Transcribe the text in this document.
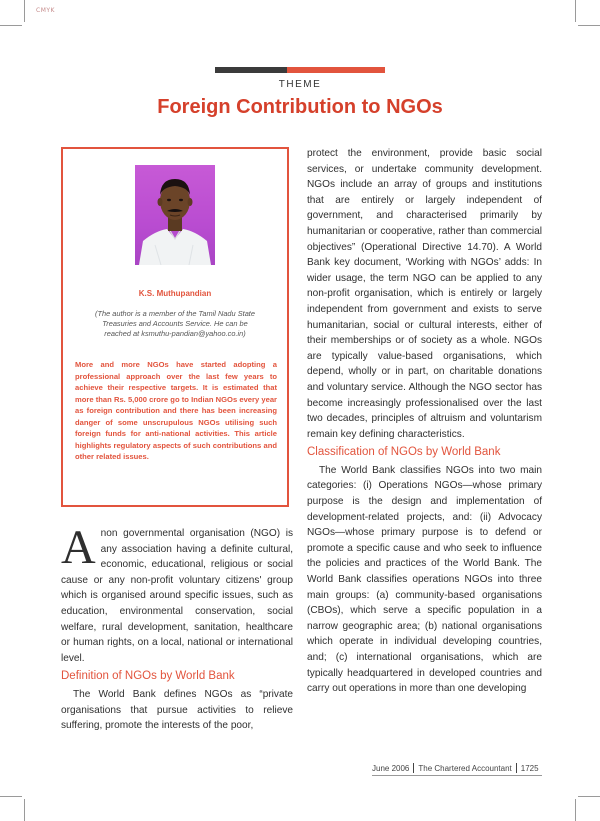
CMYK
THEME
Foreign Contribution to NGOs
K.S. Muthupandian
(The author is a member of the Tamil Nadu State Treasuries and Accounts Service. He can be reached at ksmuthu-pandian@yahoo.co.in)
More and more NGOs have started adopting a professional approach over the last few years to achieve their respective targets. It is estimated that more than Rs. 5,000 crore go to Indian NGOs every year as foreign contribution and there has been increasing danger of some unscrupulous NGOs utilising such foreign funds for anti-national activities. This article highlights regulatory aspects of such contributions and other related issues.
A non governmental organisation (NGO) is any association having a definite cultural, economic, educational, religious or social cause or any non-profit voluntary citizens' group which is organised around specific issues, such as education, environmental conservation, social welfare, rural development, sanitation, healthcare or human rights, on a local, national or international level.

Definition of NGOs by World Bank

The World Bank defines NGOs as “private organisations that pursue activities to relieve suffering, promote the interests of the poor,

protect the environment, provide basic social services, or undertake community development. NGOs include an array of groups and institutions that are entirely or largely independent of government, and characterised primarily by humanitarian or cooperative, rather than commercial objectives” (Operational Directive 14.70). A World Bank key document, ‘Working with NGOs’ adds: In wider usage, the term NGO can be applied to any non-profit organisation, which is entirely or largely independent from government and exists to serve humanitarian, social or cultural interests, either of their memberships or of society as a whole. NGOs are typically value-based organisations, which depend, wholly or in part, on charitable donations and voluntary service. Although the NGO sector has become increasingly professionalised over the last two decades, principles of altruism and voluntarism remain key defining characteristics.

Classification of NGOs by World Bank

The World Bank classifies NGOs into two main categories: (i) Operations NGOs—whose primary purpose is the design and implementation of development-related projects, and: (ii) Advocacy NGOs—whose primary purpose is to defend or promote a specific cause and who seek to influence the policies and practices of the World Bank. The World Bank classifies operations NGOs into three main groups: (a) community-based organisations (CBOs), which serve a specific population in a narrow geographic area; (b) national organisations which operate in individual developing countries, and; (c) international organisations, which are typically headquartered in developed countries and carry out operations in more than one developing

June 2006 The Chartered Accountant 1725
